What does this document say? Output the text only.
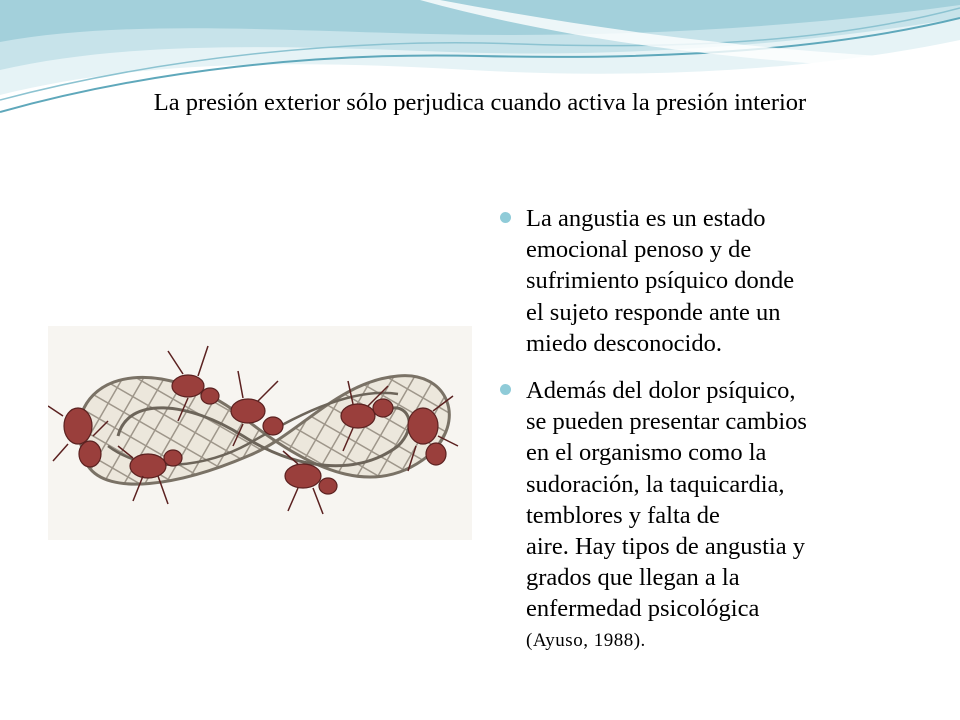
La presión exterior sólo perjudica cuando activa la presión interior
La angustia es un estado
emocional penoso y de
sufrimiento psíquico donde
el sujeto responde ante un
miedo desconocido.
Además del dolor psíquico,
se pueden presentar cambios
en el organismo como la
sudoración, la taquicardia,
temblores y falta de
aire. Hay tipos de angustia y
grados que llegan a la
enfermedad psicológica
(Ayuso, 1988).
